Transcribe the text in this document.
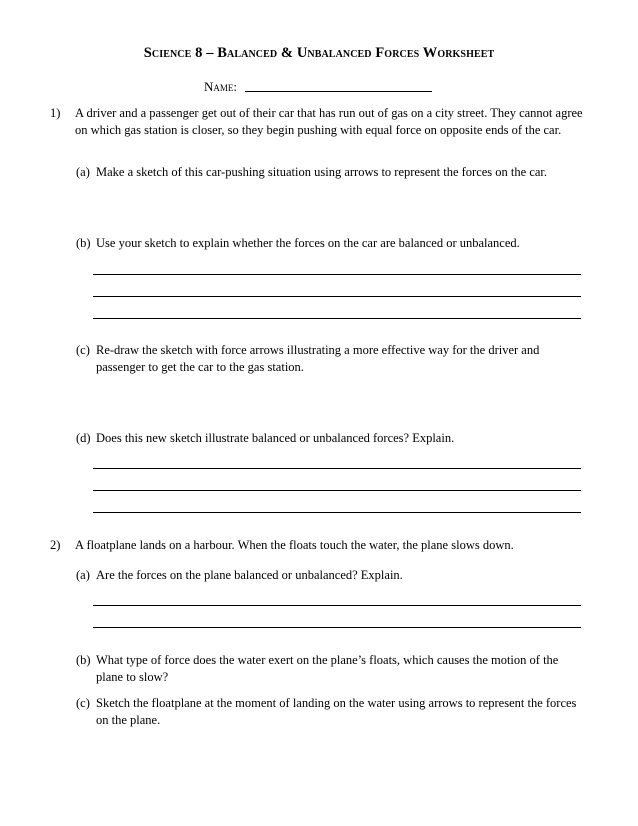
Science 8 – Balanced & Unbalanced Forces Worksheet
Name:
1) A driver and a passenger get out of their car that has run out of gas on a city street. They cannot agree on which gas station is closer, so they begin pushing with equal force on opposite ends of the car.
(a) Make a sketch of this car-pushing situation using arrows to represent the forces on the car.
(b) Use your sketch to explain whether the forces on the car are balanced or unbalanced.
(c) Re-draw the sketch with force arrows illustrating a more effective way for the driver and passenger to get the car to the gas station.
(d) Does this new sketch illustrate balanced or unbalanced forces? Explain.
2) A floatplane lands on a harbour. When the floats touch the water, the plane slows down.
(a) Are the forces on the plane balanced or unbalanced? Explain.
(b) What type of force does the water exert on the plane’s floats, which causes the motion of the plane to slow?
(c) Sketch the floatplane at the moment of landing on the water using arrows to represent the forces on the plane.
